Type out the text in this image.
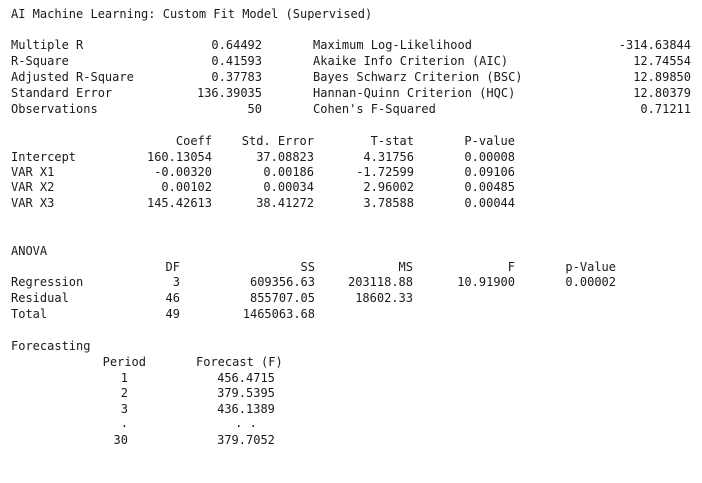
AI Machine Learning: Custom Fit Model (Supervised)
Multiple R	0.64492
R-Square	0.41593
Adjusted R-Square	0.37783
Standard Error	136.39035
Observations	50
Maximum Log-Likelihood	-314.63844
Akaike Info Criterion (AIC)	12.74554
Bayes Schwarz Criterion (BSC)	12.89850
Hannan-Quinn Criterion (HQC)	12.80379
Cohen's F-Squared	0.71211
Coeff	Std. Error	T-stat	P-value
Intercept	160.13054	37.08823	4.31756	0.00008
VAR X1	-0.00320	0.00186	-1.72599	0.09106
VAR X2	0.00102	0.00034	2.96002	0.00485
VAR X3	145.42613	38.41272	3.78588	0.00044
ANOVA
DF	SS	MS	F	p-Value
Regression	3	609356.63	203118.88	10.91900	0.00002
Residual	46	855707.05	18602.33
Total	49	1465063.68
Forecasting
Period	Forecast (F)
1	456.4715
2	379.5395
3	436.1389
.	. .
30	379.7052
